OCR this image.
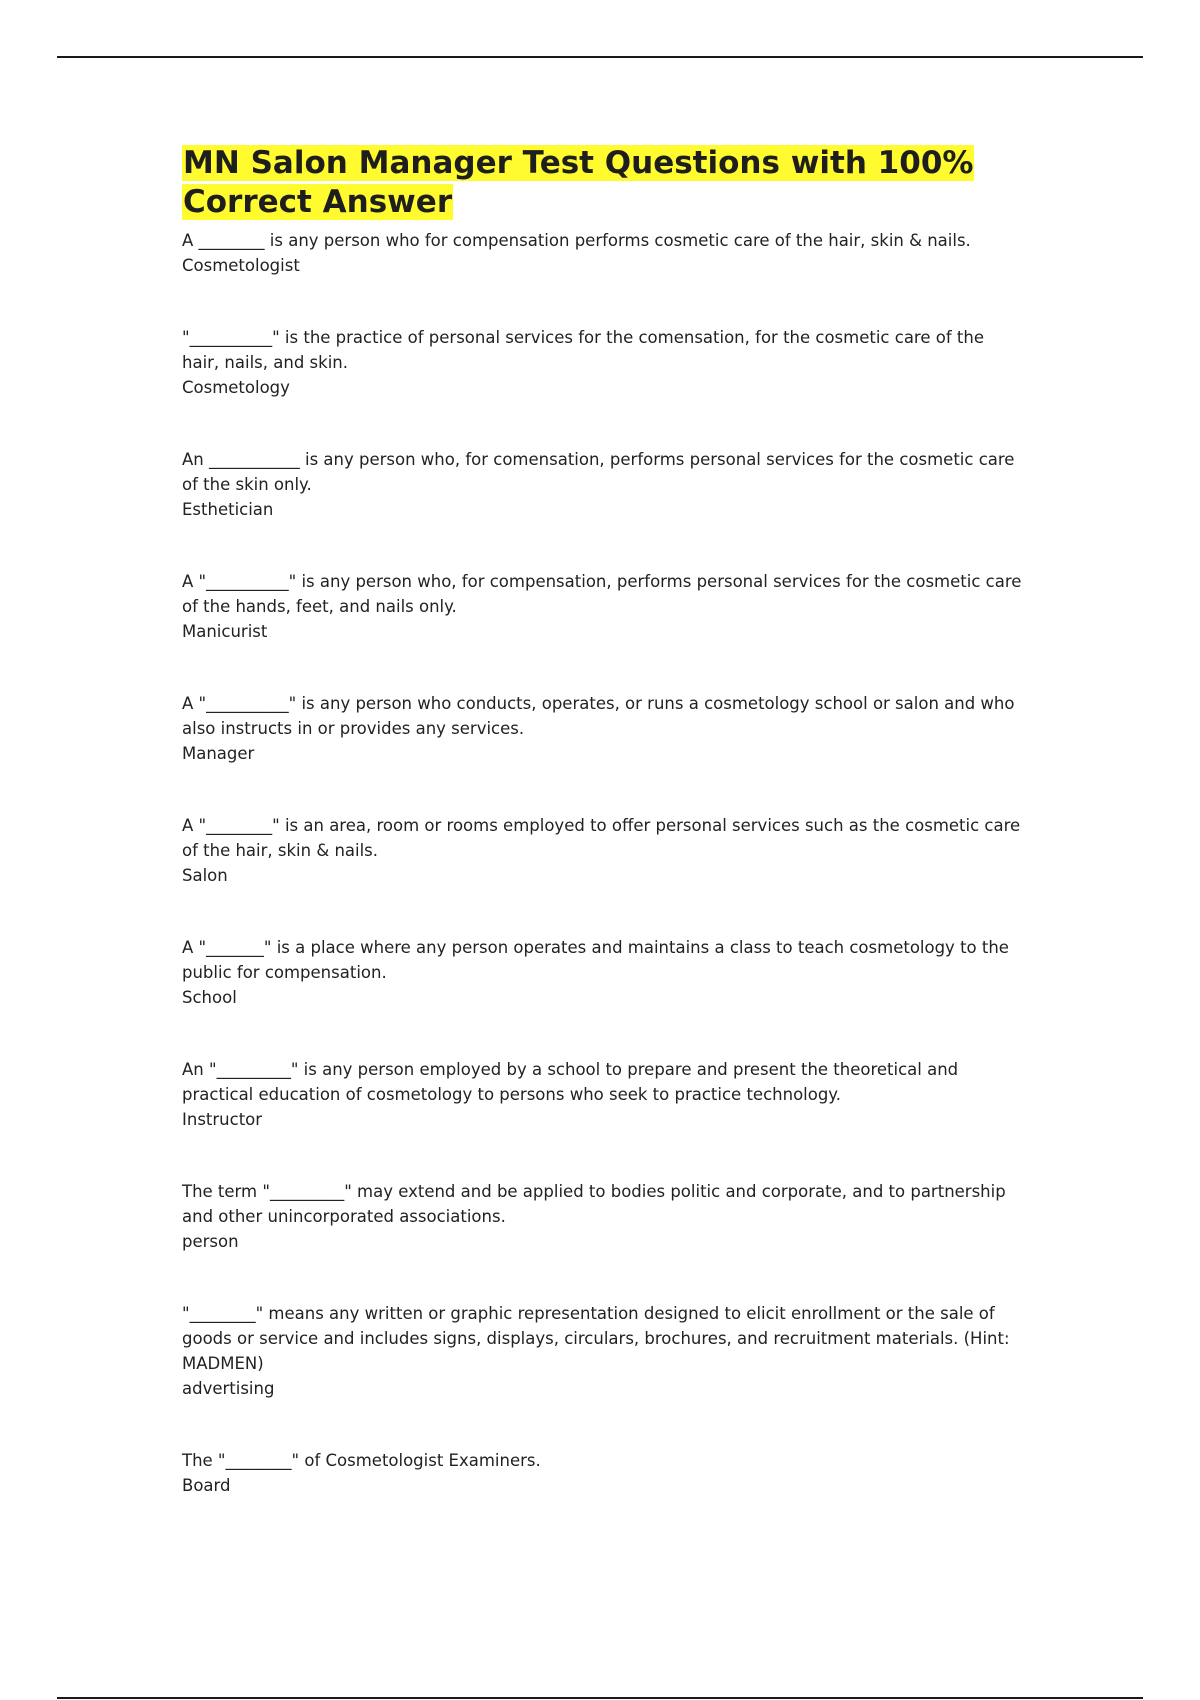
MN Salon Manager Test Questions with 100% Correct Answer
A ________ is any person who for compensation performs cosmetic care of the hair, skin & nails.
Cosmetologist
"__________" is the practice of personal services for the comensation, for the cosmetic care of the hair, nails, and skin.
Cosmetology
An ___________ is any person who, for comensation, performs personal services for the cosmetic care of the skin only.
Esthetician
A "__________" is any person who, for compensation, performs personal services for the cosmetic care of the hands, feet, and nails only.
Manicurist
A "__________" is any person who conducts, operates, or runs a cosmetology school or salon and who also instructs in or provides any services.
Manager
A "________" is an area, room or rooms employed to offer personal services such as the cosmetic care of the hair, skin & nails.
Salon
A "_______" is a place where any person operates and maintains a class to teach cosmetology to the public for compensation.
School
An "_________" is any person employed by a school to prepare and present the theoretical and practical education of cosmetology to persons who seek to practice technology.
Instructor
The term "_________" may extend and be applied to bodies politic and corporate, and to partnership and other unincorporated associations.
person
"________" means any written or graphic representation designed to elicit enrollment or the sale of goods or service and includes signs, displays, circulars, brochures, and recruitment materials. (Hint: MADMEN)
advertising
The "________" of Cosmetologist Examiners.
Board
